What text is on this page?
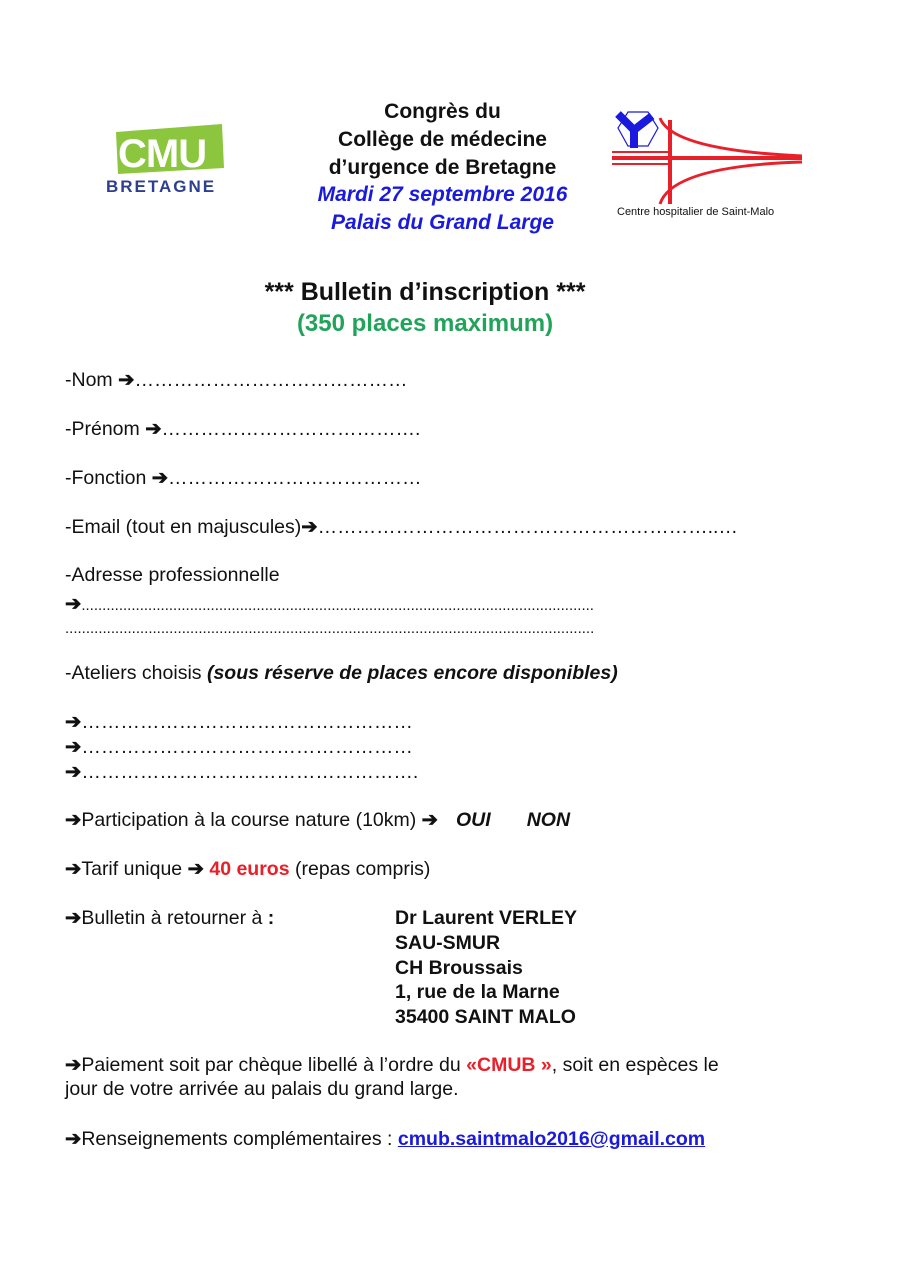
CMU
BRETAGNE
Centre hospitalier de Saint-Malo
Congrès du
Collège de médecine
d’urgence de Bretagne
Mardi 27 septembre 2016
Palais du Grand Large
*** Bulletin d’inscription ***
(350 places maximum)
-Nom ➔……………………………………
-Prénom ➔………………………………….
-Fonction ➔…………………………………
-Email (tout en majuscules)➔……………………………………………………..…
-Adresse professionnelle
➔...........................................................................................................................
...............................................................................................................................
-Ateliers choisis (sous réserve de places encore disponibles)
➔……………………………………………
➔……………………………………………
➔…………………………………………….
➔Participation à la course nature (10km) ➔ OUI NON
➔Tarif unique ➔ 40 euros (repas compris)
➔Bulletin à retourner à :	Dr Laurent VERLEY
SAU-SMUR
CH Broussais
1, rue de la Marne
35400 SAINT MALO
➔Paiement soit par chèque libellé à l’ordre du «CMUB », soit en espèces le
jour de votre arrivée au palais du grand large.
➔Renseignements complémentaires : cmub.saintmalo2016@gmail.com
